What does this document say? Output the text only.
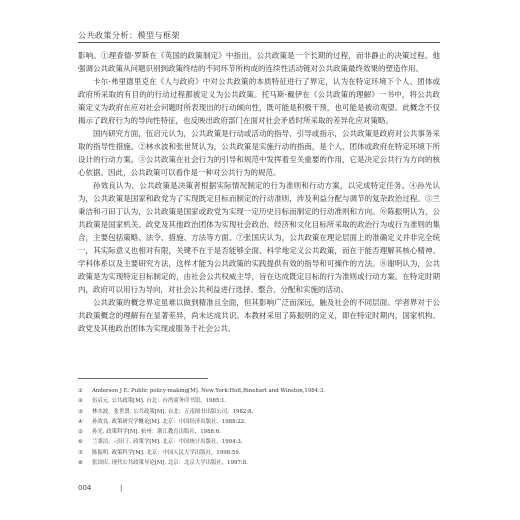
公共政策分析：模型与框架

影响。①理查德·罗斯在《英国的政策制定》中指出，公共政策是一个长期的过程，而非静止的决策过程。他强调公共政策从问题识别到政策终结的不同环节所构成的连续性活动链对公共政策最终效果的塑造作用。

卡尔·弗里德里克在《人与政府》中对公共政策的本质特征进行了界定，认为在特定环境下个人、团体或政府所采取的有目的的行动过程都被定义为公共政策。托马斯·戴伊在《公共政策的理解》一书中，将公共政策定义为政府在应对社会问题时所表现出的行动倾向性，既可能是积极干预，也可能是被动观望。此概念不仅揭示了政府行为的导向性特征，也反映出政府部门在面对社会矛盾时所采取的差异化应对策略。

国内研究方面，伍启元认为，公共政策是行动或活动的指导、引导或指示，公共政策是政府对公共事务采取的指导性措施。②林水波和张世贤认为，公共政策是实施行动的指南，是个人、团体或政府在特定环境下所设计的行动方案。③公共政策在社会行为的引导和规范中发挥着至关重要的作用，它是决定公共行为方向的核心依据。因此，公共政策可以看作是一种对公共行为的规范。

孙效良认为，公共政策是决策者根据实际情况制定的行为准则和行动方案，以完成特定任务。④孙光认为，公共政策是国家和政党为了实现既定目标而制定的行动准则，涉及利益分配与调节的复杂政治过程。⑤兰秉洁和刁田丁认为，公共政策是国家或政党为实现一定历史目标而制定的行动准则和方向。⑥陈振明认为，公共政策是国家机关、政党及其他政治团体为实现社会政治、经济和文化目标所采取的政治行为或行为准则的集合，主要包括策略、法令、措施、方法等方面。⑦张国庆认为，公共政策在理论层面上的准确定义并非完全统一，其实际意义也相对有限，关键不在于是否能够全面、科学地定义公共政策，而在于能否理解其核心精神、学科体系以及主要研究方法，这样才能为公共政策的实践提供有效的指导和可操作的方法。⑧谢明认为，公共政策是为实现特定目标制定的，由社会公共权威主导，旨在达成既定目标的行为准则或行动方案。在特定时期内，政府可以用行为导向，对社会公共利益进行选择、整合、分配和实施的活动。

公共政策的概念界定虽难以做到精准且全面，但其影响广泛而深远，触及社会的不同层面。学者界对于公共政策概念的理解有在显著差异，尚未达成共识。本教材采用了陈振明的定义，即在特定时期内，国家机构、政党及其他政治团体为实现或服务于社会公共、

①	Anderson J E. Public policy-making[M]. New York:Holt,Rinehart and Winston,1984:3.
②	伍启元. 公共政策[M]. 台北：台湾商务印书馆，1985:1.
③	林水波，张世贤. 公共政策[M]. 台北：五南图书出版公司，1982:8.
④	孙效良. 政策研究学概论[M]. 北京：中国经济出版社，1988:22.
⑤	孙光. 政策科学[M]. 杭州：浙江教育出版社，1988:6.
⑥	兰秉洁，刁田丁. 政策学[M]. 北京：中国统计出版社，1994:3.
⑦	陈振明. 政策科学[M]. 北京：中国人民大学出版社，1998:59.
⑧	张国庆. 现代公共政策导论[M]. 北京：北京大学出版社，1997:8.
004	|
